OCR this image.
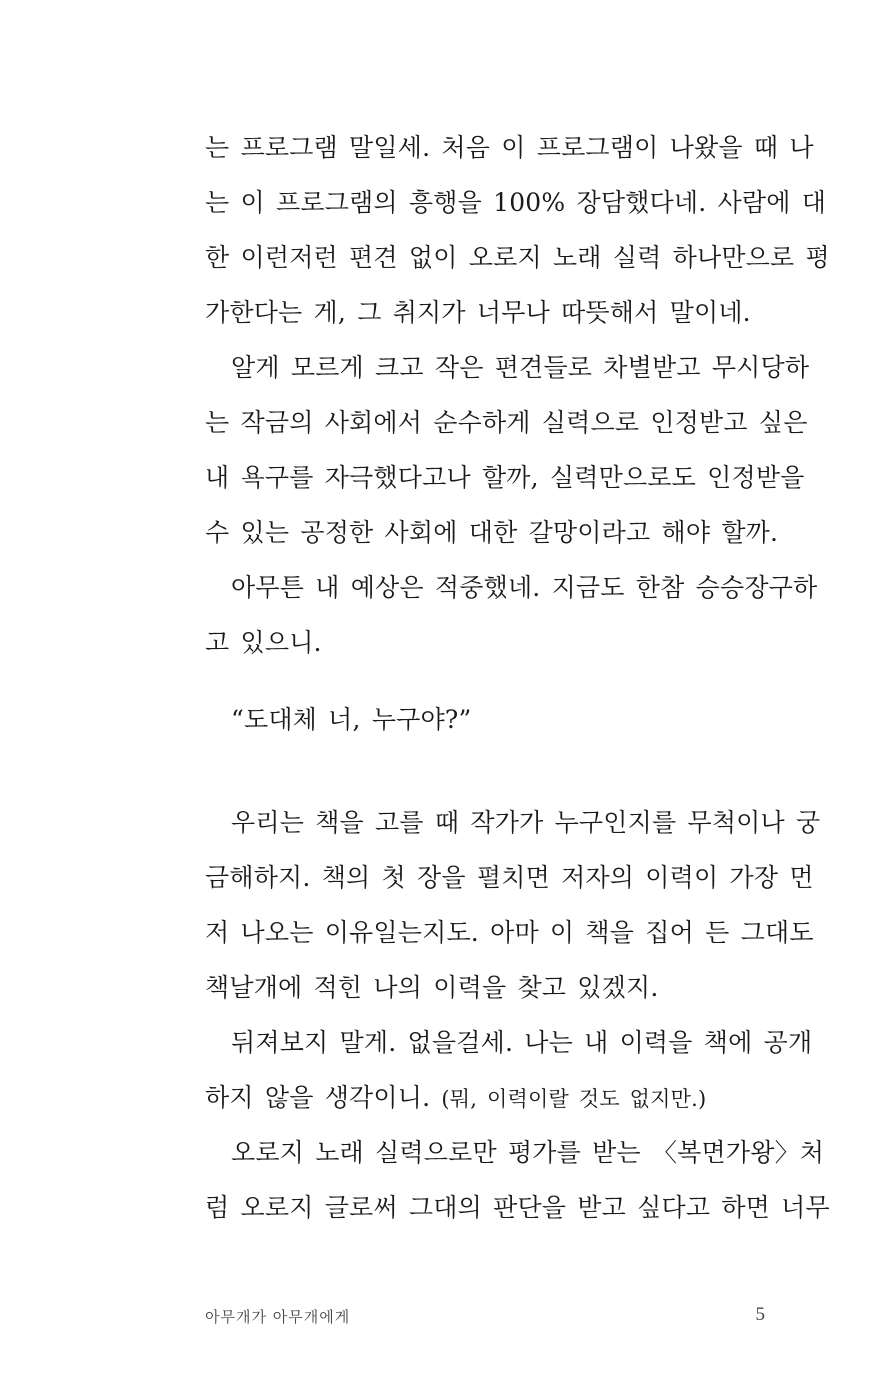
는 프로그램 말일세. 처음 이 프로그램이 나왔을 때 나
는 이 프로그램의 흥행을 100% 장담했다네. 사람에 대
한 이런저런 편견 없이 오로지 노래 실력 하나만으로 평
가한다는 게, 그 취지가 너무나 따뜻해서 말이네.
알게 모르게 크고 작은 편견들로 차별받고 무시당하
는 작금의 사회에서 순수하게 실력으로 인정받고 싶은
내 욕구를 자극했다고나 할까, 실력만으로도 인정받을
수 있는 공정한 사회에 대한 갈망이라고 해야 할까.
아무튼 내 예상은 적중했네. 지금도 한참 승승장구하
고 있으니.
“도대체 너, 누구야?”
우리는 책을 고를 때 작가가 누구인지를 무척이나 궁
금해하지. 책의 첫 장을 펼치면 저자의 이력이 가장 먼
저 나오는 이유일는지도. 아마 이 책을 집어 든 그대도
책날개에 적힌 나의 이력을 찾고 있겠지.
뒤져보지 말게. 없을걸세. 나는 내 이력을 책에 공개
하지 않을 생각이니. (뭐, 이력이랄 것도 없지만.)
오로지 노래 실력으로만 평가를 받는 〈복면가왕〉처
럼 오로지 글로써 그대의 판단을 받고 싶다고 하면 너무
아무개가 아무개에게	5
